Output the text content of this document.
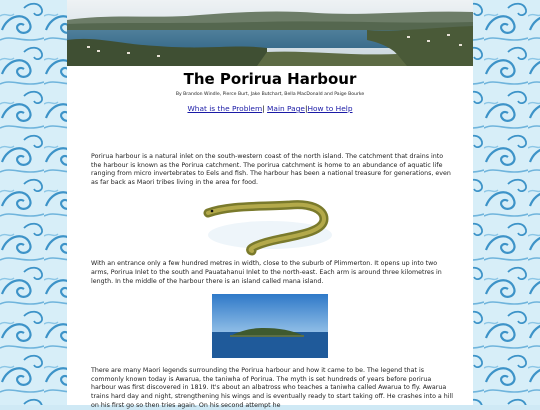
The Porirua Harbour
By Brandon Windle, Pierce Burt, Jake Butchart, Bella MacDonald and Paige Bourke
What is the Problem| Main Page|How to Help

Porirua harbour is a natural inlet on the south-western coast of the north island. The catchment that drains into the harbour is known as the Porirua catchment. The porirua catchment is home to an abundance of aquatic life ranging from micro invertebrates to Eels and fish. The harbour has been a national treasure for generations, even as far back as Maori tribes living in the area for food.

With an entrance only a few hundred metres in width, close to the suburb of Plimmerton. It opens up into two arms, Porirua Inlet to the south and Pauatahanui Inlet to the north-east. Each arm is around three kilometres in length. In the middle of the harbour there is an island called mana island.

There are many Maori legends surrounding the Porirua harbour and how it came to be. The legend that is commonly known today is Awarua, the taniwha of Porirua. The myth is set hundreds of years before porirua harbour was first discovered in 1819. It's about an albatross who teaches a taniwha called Awarua to fly. Awarua trains hard day and night, strengthening his wings and is eventually ready to start taking off. He crashes into a hill on his first go so then tries again. On his second attempt he
